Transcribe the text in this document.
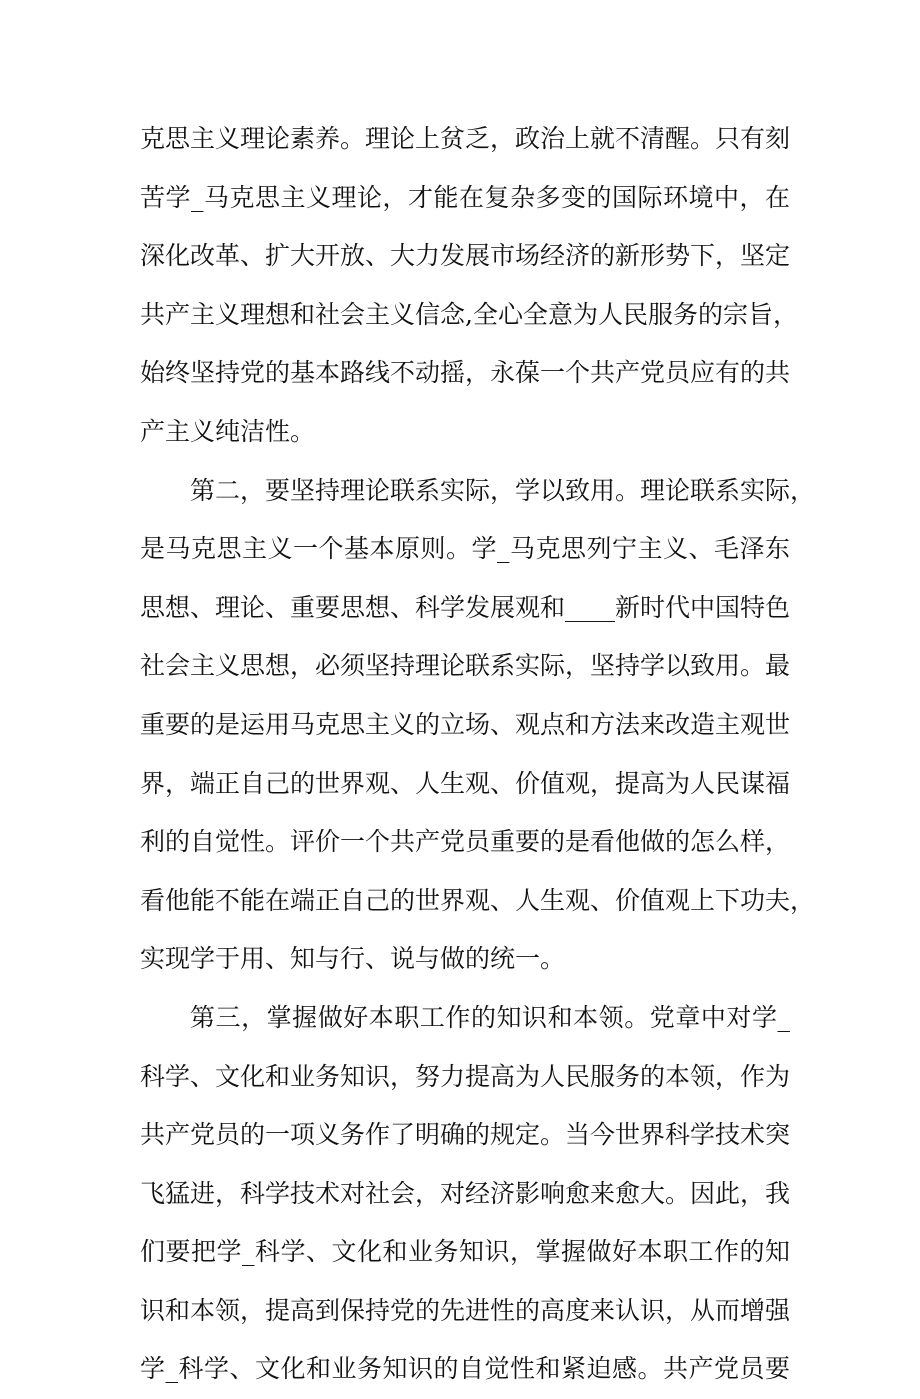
克思主义理论素养。理论上贫乏，政治上就不清醒。只有刻
苦学_马克思主义理论，才能在复杂多变的国际环境中，在
深化改革、扩大开放、大力发展市场经济的新形势下，坚定
共产主义理想和社会主义信念,全心全意为人民服务的宗旨，
始终坚持党的基本路线不动摇，永葆一个共产党员应有的共
产主义纯洁性。
第二，要坚持理论联系实际，学以致用。理论联系实际，
是马克思主义一个基本原则。学_马克思列宁主义、毛泽东
思想、理论、重要思想、科学发展观和____新时代中国特色
社会主义思想，必须坚持理论联系实际，坚持学以致用。最
重要的是运用马克思主义的立场、观点和方法来改造主观世
界，端正自己的世界观、人生观、价值观，提高为人民谋福
利的自觉性。评价一个共产党员重要的是看他做的怎么样，
看他能不能在端正自己的世界观、人生观、价值观上下功夫，
实现学于用、知与行、说与做的统一。
第三，掌握做好本职工作的知识和本领。党章中对学_
科学、文化和业务知识，努力提高为人民服务的本领，作为
共产党员的一项义务作了明确的规定。当今世界科学技术突
飞猛进，科学技术对社会，对经济影响愈来愈大。因此，我
们要把学_科学、文化和业务知识，掌握做好本职工作的知
识和本领，提高到保持党的先进性的高度来认识，从而增强
学_科学、文化和业务知识的自觉性和紧迫感。共产党员要
